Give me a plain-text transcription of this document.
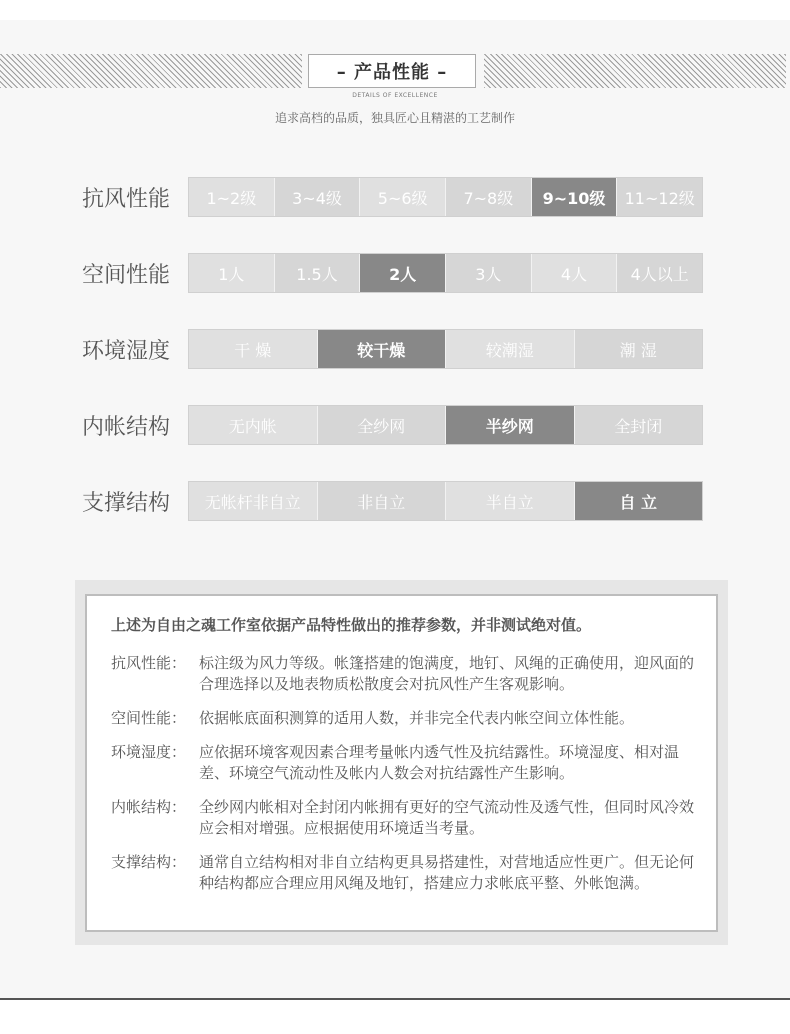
– 产品性能 –
DETAILS OF EXCELLENCE
追求高档的品质，独具匠心且精湛的工艺制作
抗风性能	1~2级	3~4级	5~6级	7~8级	9~10级	11~12级
空间性能	1人	1.5人	2人	3人	4人	4人以上
环境湿度	干 燥	较干燥	较潮湿	潮 湿
内帐结构	无内帐	全纱网	半纱网	全封闭
支撑结构	无帐杆非自立	非自立	半自立	自 立
上述为自由之魂工作室依据产品特性做出的推荐参数，并非测试绝对值。
抗风性能： 标注级为风力等级。帐篷搭建的饱满度，地钉、风绳的正确使用，迎风面的合理选择以及地表物质松散度会对抗风性产生客观影响。
空间性能： 依据帐底面积测算的适用人数，并非完全代表内帐空间立体性能。
环境湿度： 应依据环境客观因素合理考量帐内透气性及抗结露性。环境湿度、相对温差、环境空气流动性及帐内人数会对抗结露性产生影响。
内帐结构： 全纱网内帐相对全封闭内帐拥有更好的空气流动性及透气性，但同时风冷效应会相对增强。应根据使用环境适当考量。
支撑结构： 通常自立结构相对非自立结构更具易搭建性，对营地适应性更广。但无论何种结构都应合理应用风绳及地钉，搭建应力求帐底平整、外帐饱满。
